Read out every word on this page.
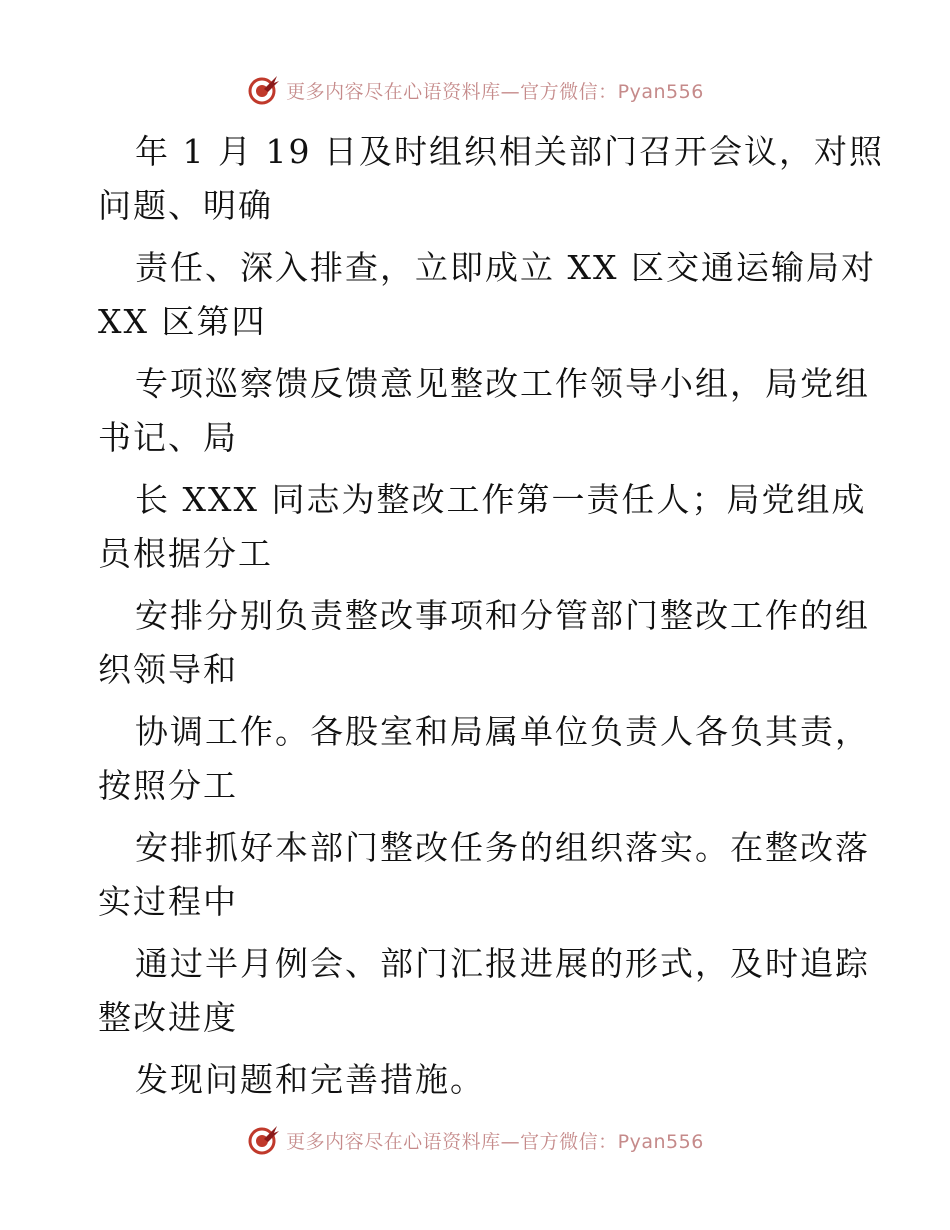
更多内容尽在心语资料库—官方微信：Pyan556
年 1 月 19 日及时组织相关部门召开会议，对照
问题、明确
责任、深入排查，立即成立 XX 区交通运输局对
XX 区第四
专项巡察馈反馈意见整改工作领导小组，局党组
书记、局
长 XXX 同志为整改工作第一责任人；局党组成
员根据分工
安排分别负责整改事项和分管部门整改工作的组
织领导和
协调工作。各股室和局属单位负责人各负其责，
按照分工
安排抓好本部门整改任务的组织落实。在整改落
实过程中
通过半月例会、部门汇报进展的形式，及时追踪
整改进度
发现问题和完善措施。
更多内容尽在心语资料库—官方微信：Pyan556
